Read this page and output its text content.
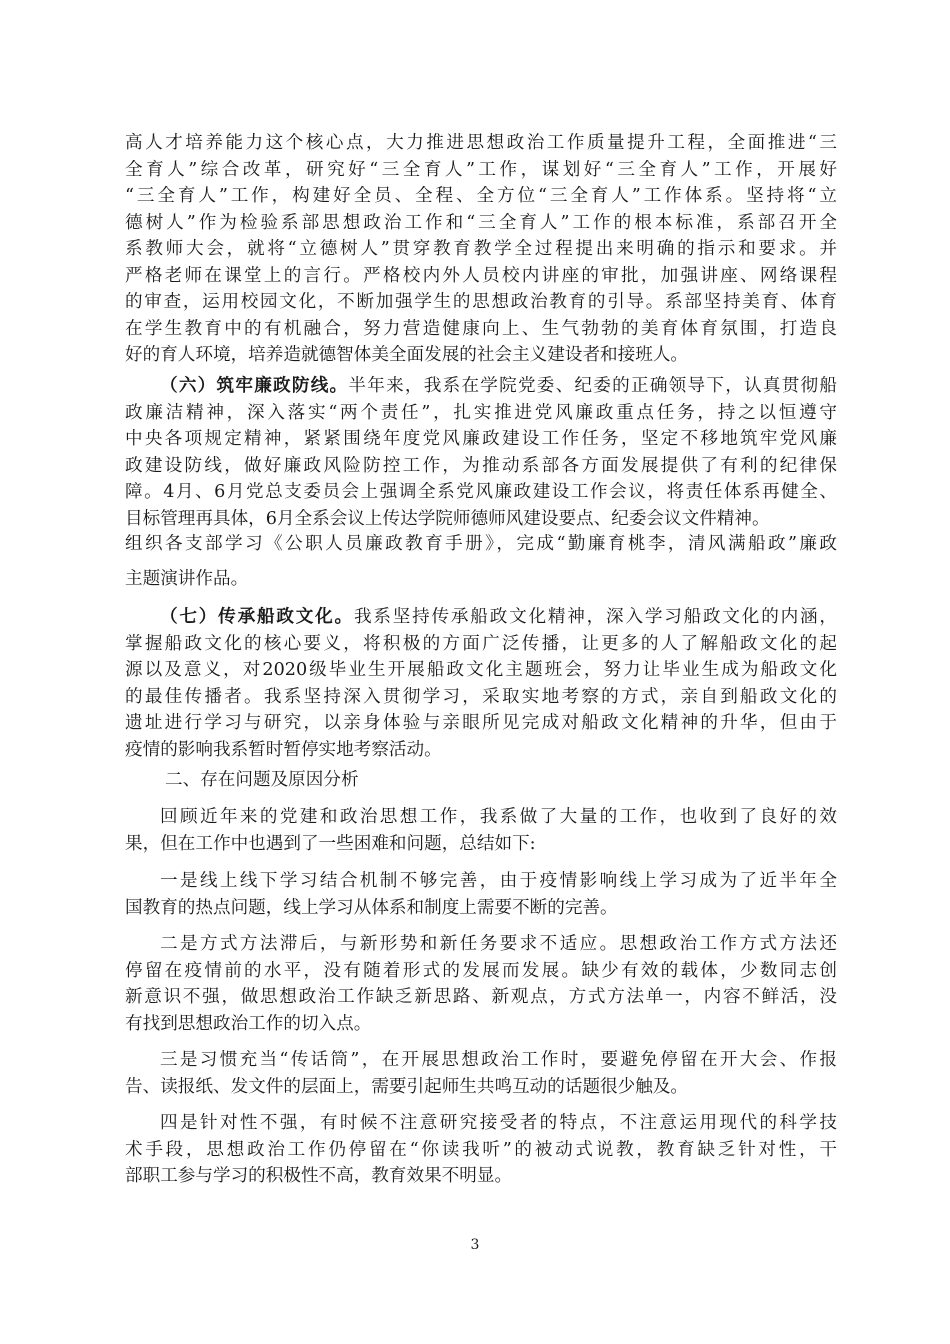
高人才培养能力这个核心点，大力推进思想政治工作质量提升工程，全面推进“三
全育人”综合改革，研究好“三全育人”工作，谋划好“三全育人”工作，开展好
“三全育人”工作，构建好全员、全程、全方位“三全育人”工作体系。坚持将“立
德树人”作为检验系部思想政治工作和“三全育人”工作的根本标准，系部召开全
系教师大会，就将“立德树人”贯穿教育教学全过程提出来明确的指示和要求。并
严格老师在课堂上的言行。严格校内外人员校内讲座的审批，加强讲座、网络课程
的审查，运用校园文化，不断加强学生的思想政治教育的引导。系部坚持美育、体育
在学生教育中的有机融合，努力营造健康向上、生气勃勃的美育体育氛围，打造良
好的育人环境，培养造就德智体美全面发展的社会主义建设者和接班人。
（六）筑牢廉政防线。半年来，我系在学院党委、纪委的正确领导下，认真贯彻船
政廉洁精神，深入落实“两个责任”，扎实推进党风廉政重点任务，持之以恒遵守
中央各项规定精神，紧紧围绕年度党风廉政建设工作任务，坚定不移地筑牢党风廉
政建设防线，做好廉政风险防控工作，为推动系部各方面发展提供了有利的纪律保
障。4月、6月党总支委员会上强调全系党风廉政建设工作会议，将责任体系再健全、
目标管理再具体，6月全系会议上传达学院师德师风建设要点、纪委会议文件精神。
组织各支部学习《公职人员廉政教育手册》，完成“勤廉育桃李，清风满船政”廉政
主题演讲作品。
（七）传承船政文化。我系坚持传承船政文化精神，深入学习船政文化的内涵，
掌握船政文化的核心要义，将积极的方面广泛传播，让更多的人了解船政文化的起
源以及意义，对2020级毕业生开展船政文化主题班会，努力让毕业生成为船政文化
的最佳传播者。我系坚持深入贯彻学习，采取实地考察的方式，亲自到船政文化的
遗址进行学习与研究，以亲身体验与亲眼所见完成对船政文化精神的升华，但由于
疫情的影响我系暂时暂停实地考察活动。
二、存在问题及原因分析
回顾近年来的党建和政治思想工作，我系做了大量的工作，也收到了良好的效
果，但在工作中也遇到了一些困难和问题，总结如下:
一是线上线下学习结合机制不够完善，由于疫情影响线上学习成为了近半年全
国教育的热点问题，线上学习从体系和制度上需要不断的完善。
二是方式方法滞后，与新形势和新任务要求不适应。思想政治工作方式方法还
停留在疫情前的水平，没有随着形式的发展而发展。缺少有效的载体，少数同志创
新意识不强，做思想政治工作缺乏新思路、新观点，方式方法单一，内容不鲜活，没
有找到思想政治工作的切入点。
三是习惯充当“传话筒”，在开展思想政治工作时，要避免停留在开大会、作报
告、读报纸、发文件的层面上，需要引起师生共鸣互动的话题很少触及。
四是针对性不强，有时候不注意研究接受者的特点，不注意运用现代的科学技
术手段，思想政治工作仍停留在“你读我听”的被动式说教，教育缺乏针对性，干
部职工参与学习的积极性不高，教育效果不明显。
3
